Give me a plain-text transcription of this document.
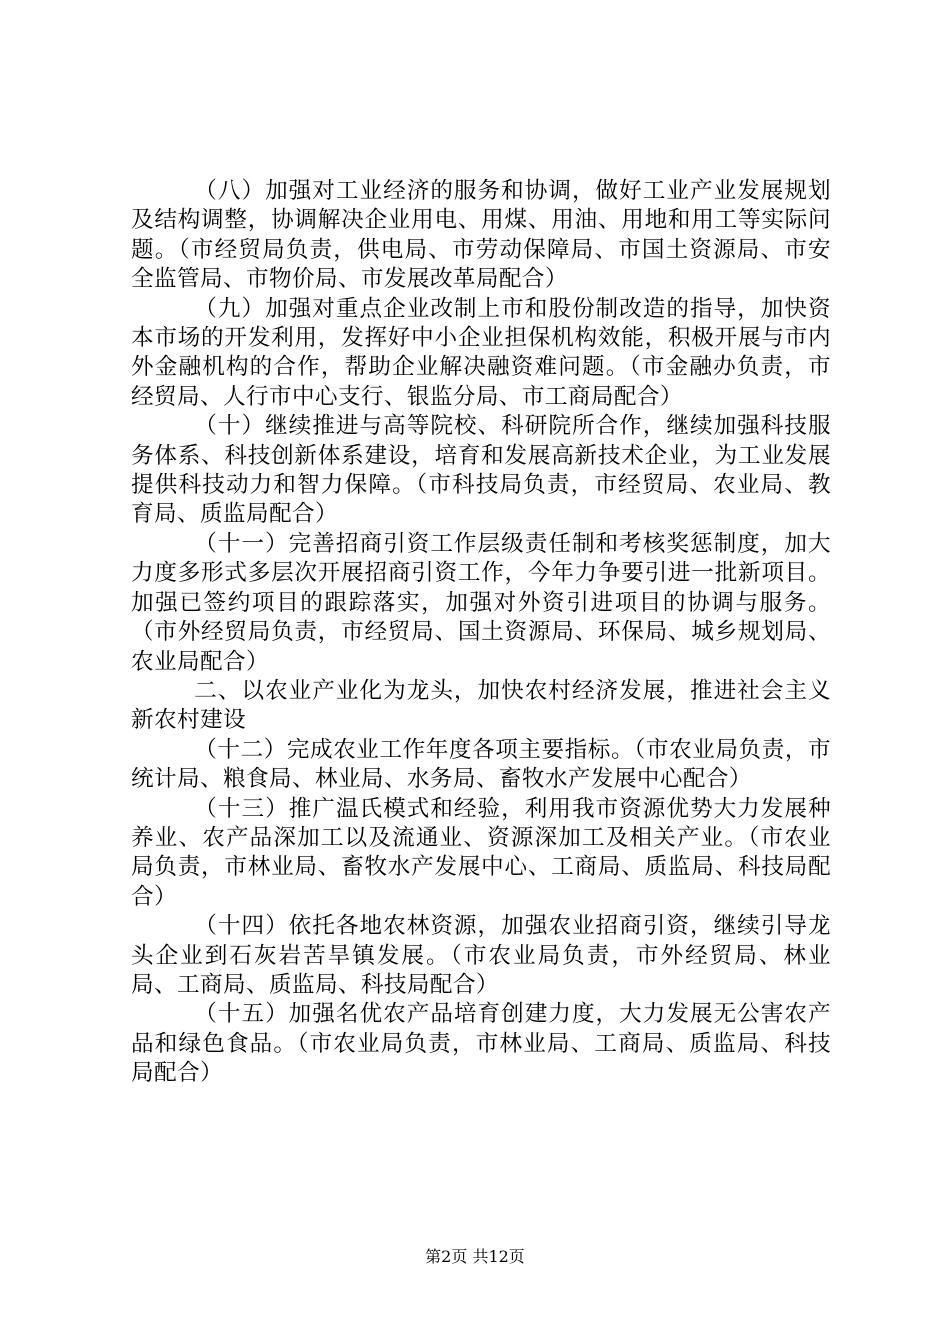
（八）加强对工业经济的服务和协调，做好工业产业发展规划及结构调整，协调解决企业用电、用煤、用油、用地和用工等实际问题。（市经贸局负责，供电局、市劳动保障局、市国土资源局、市安全监管局、市物价局、市发展改革局配合）

（九）加强对重点企业改制上市和股份制改造的指导，加快资本市场的开发利用，发挥好中小企业担保机构效能，积极开展与市内外金融机构的合作，帮助企业解决融资难问题。（市金融办负责，市经贸局、人行市中心支行、银监分局、市工商局配合）

（十）继续推进与高等院校、科研院所合作，继续加强科技服务体系、科技创新体系建设，培育和发展高新技术企业，为工业发展提供科技动力和智力保障。（市科技局负责，市经贸局、农业局、教育局、质监局配合）

（十一）完善招商引资工作层级责任制和考核奖惩制度，加大力度多形式多层次开展招商引资工作，今年力争要引进一批新项目。加强已签约项目的跟踪落实，加强对外资引进项目的协调与服务。（市外经贸局负责，市经贸局、国土资源局、环保局、城乡规划局、农业局配合）

二、以农业产业化为龙头，加快农村经济发展，推进社会主义新农村建设

（十二）完成农业工作年度各项主要指标。（市农业局负责，市统计局、粮食局、林业局、水务局、畜牧水产发展中心配合）

（十三）推广温氏模式和经验，利用我市资源优势大力发展种养业、农产品深加工以及流通业、资源深加工及相关产业。（市农业局负责，市林业局、畜牧水产发展中心、工商局、质监局、科技局配合）

（十四）依托各地农林资源，加强农业招商引资，继续引导龙头企业到石灰岩苦旱镇发展。（市农业局负责，市外经贸局、林业局、工商局、质监局、科技局配合）

（十五）加强名优农产品培育创建力度，大力发展无公害农产品和绿色食品。（市农业局负责，市林业局、工商局、质监局、科技局配合）

第2页 共12页
